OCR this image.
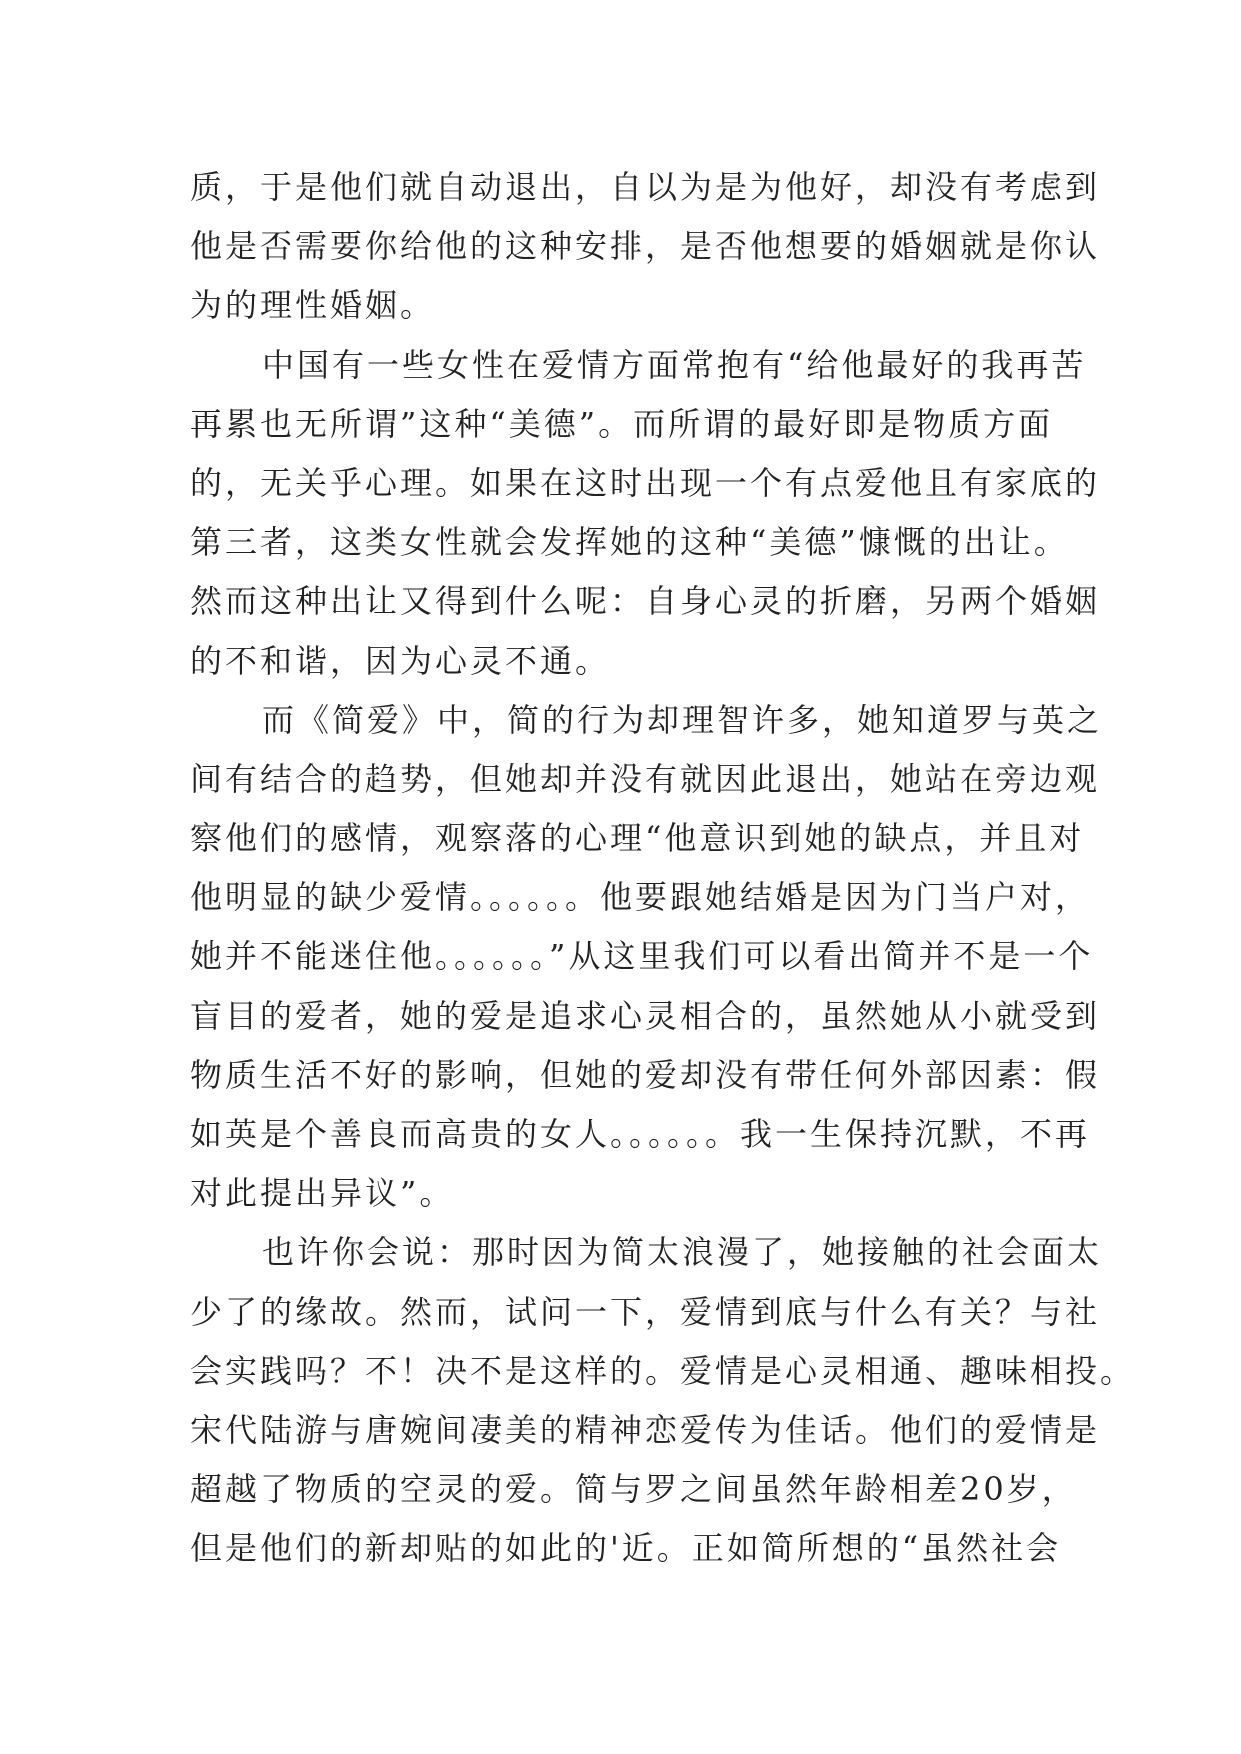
质，于是他们就自动退出，自以为是为他好，却没有考虑到
他是否需要你给他的这种安排，是否他想要的婚姻就是你认
为的理性婚姻。
中国有一些女性在爱情方面常抱有“给他最好的我再苦
再累也无所谓”这种“美德”。而所谓的最好即是物质方面
的，无关乎心理。如果在这时出现一个有点爱他且有家底的
第三者，这类女性就会发挥她的这种“美德”慷慨的出让。
然而这种出让又得到什么呢：自身心灵的折磨，另两个婚姻
的不和谐，因为心灵不通。
而《简爱》中，简的行为却理智许多，她知道罗与英之
间有结合的趋势，但她却并没有就因此退出，她站在旁边观
察他们的感情，观察落的心理“他意识到她的缺点，并且对
他明显的缺少爱情。。。。。。他要跟她结婚是因为门当户对，
她并不能迷住他。。。。。。”从这里我们可以看出简并不是一个
盲目的爱者，她的爱是追求心灵相合的，虽然她从小就受到
物质生活不好的影响，但她的爱却没有带任何外部因素：假
如英是个善良而高贵的女人。。。。。。我一生保持沉默，不再
对此提出异议”。
也许你会说：那时因为简太浪漫了，她接触的社会面太
少了的缘故。然而，试问一下，爱情到底与什么有关？与社
会实践吗？不！决不是这样的。爱情是心灵相通、趣味相投。
宋代陆游与唐婉间凄美的精神恋爱传为佳话。他们的爱情是
超越了物质的空灵的爱。简与罗之间虽然年龄相差20岁，
但是他们的新却贴的如此的'近。正如简所想的“虽然社会
